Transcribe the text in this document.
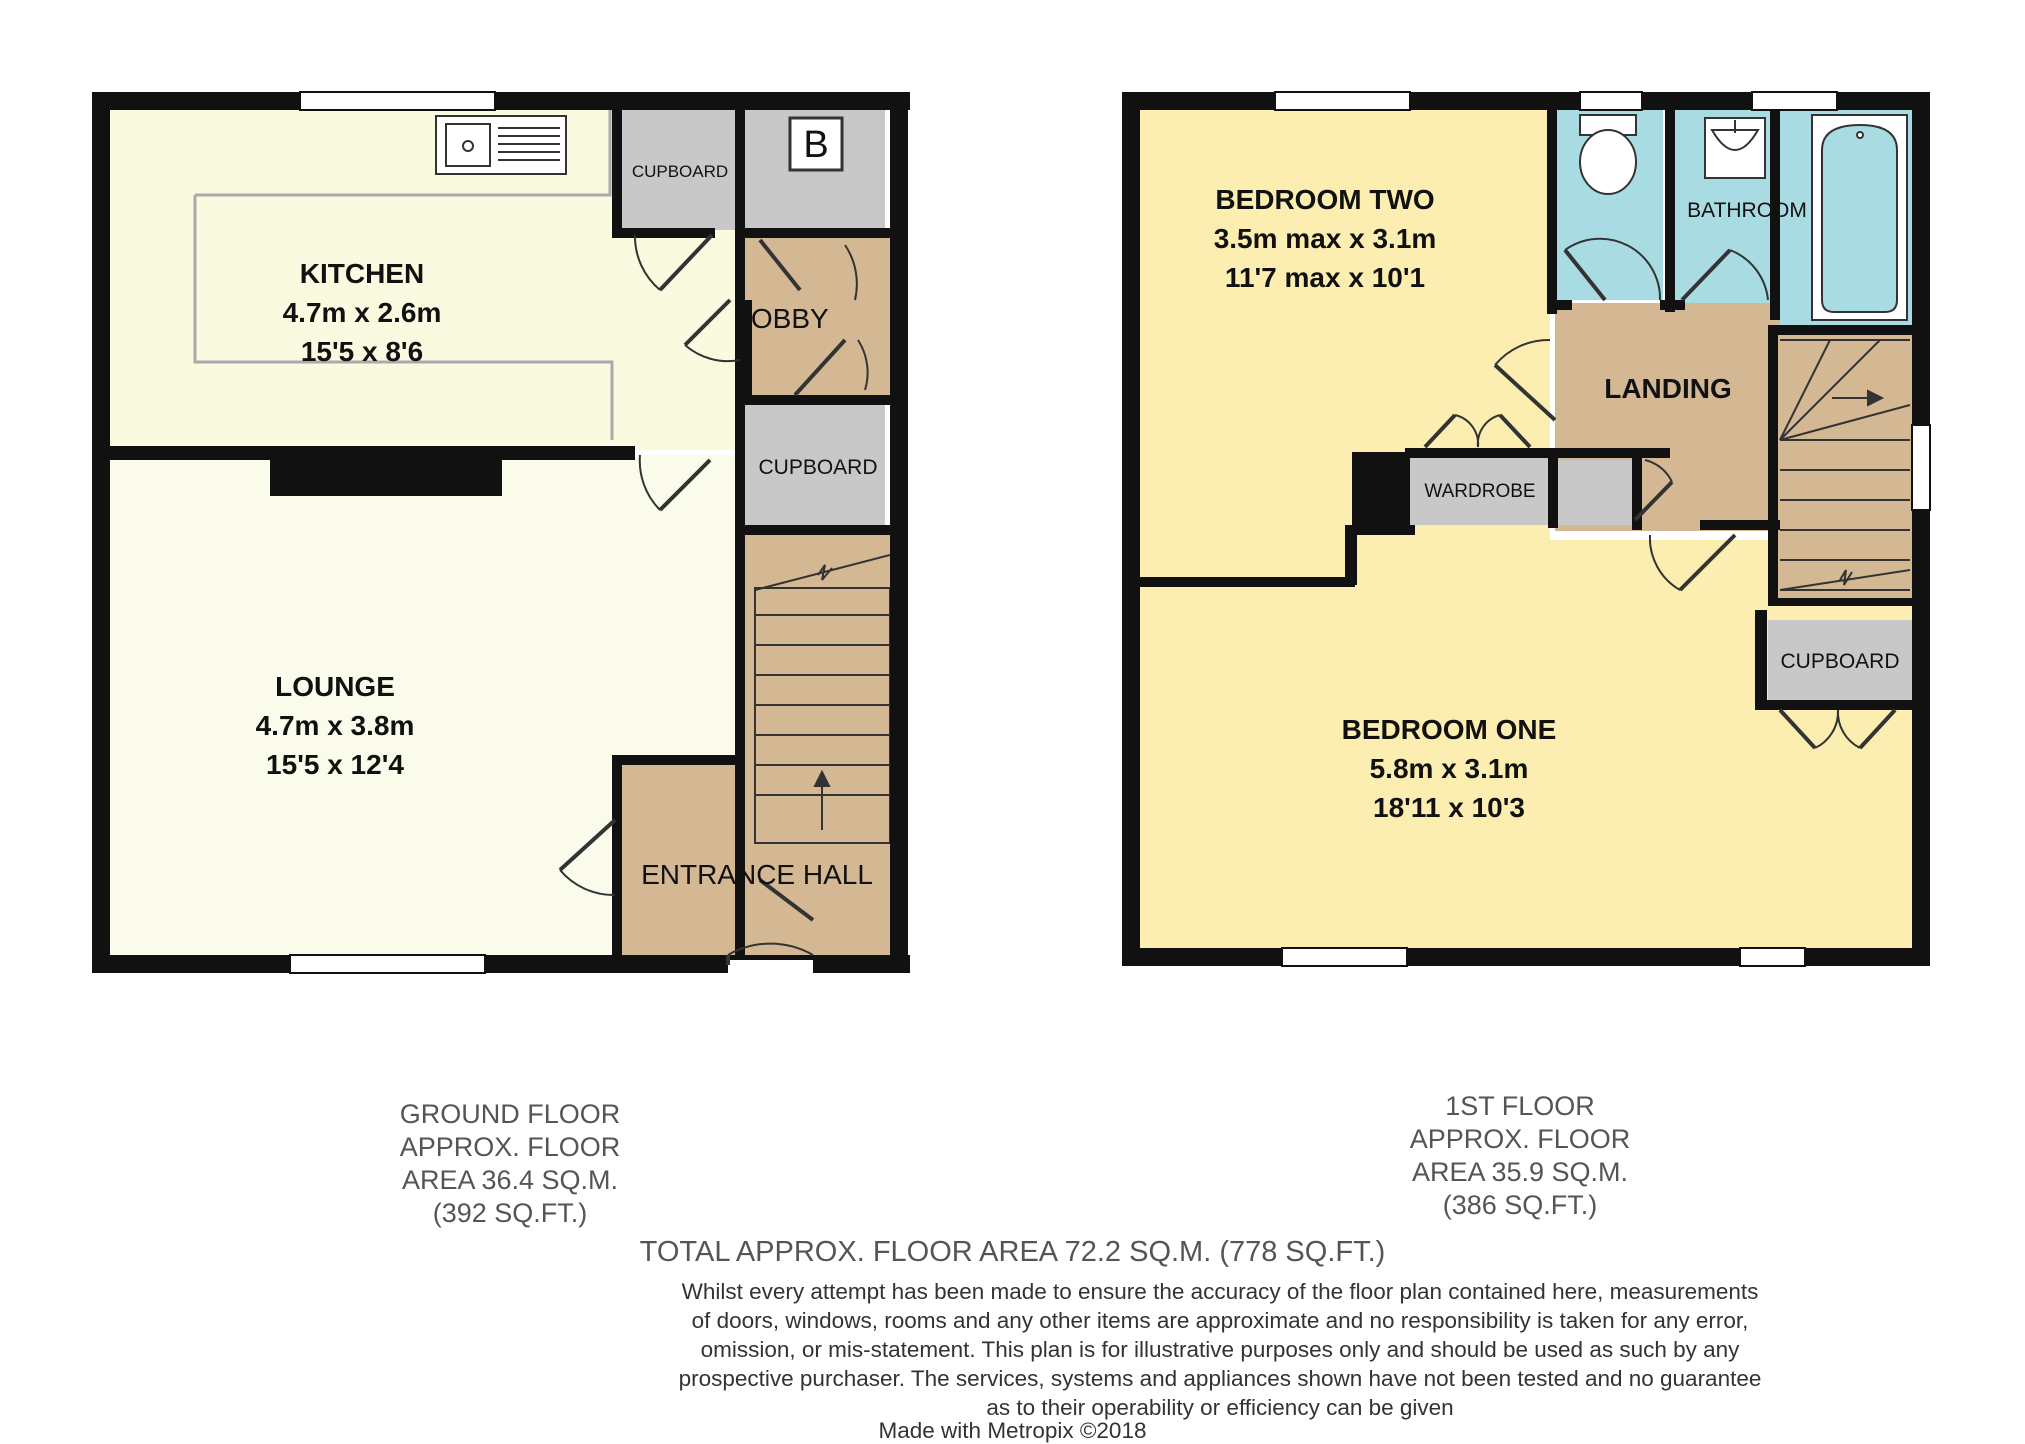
KITCHEN
4.7m x 2.6m
15'5 x 8'6
LOUNGE
4.7m x 3.8m
15'5 x 12'4
LOBBY
ENTRANCE HALL
CUPBOARD
CUPBOARD
B
BEDROOM TWO
3.5m max x 3.1m
11'7 max x 10'1
BEDROOM ONE
5.8m x 3.1m
18'11 x 10'3
LANDING
BATHROOM
WARDROBE
CUPBOARD
GROUND FLOOR
APPROX. FLOOR
AREA 36.4 SQ.M.
(392 SQ.FT.)
1ST FLOOR
APPROX. FLOOR
AREA 35.9 SQ.M.
(386 SQ.FT.)
TOTAL APPROX. FLOOR AREA 72.2 SQ.M. (778 SQ.FT.)
Whilst every attempt has been made to ensure the accuracy of the floor plan contained here, measurements
of doors, windows, rooms and any other items are approximate and no responsibility is taken for any error,
omission, or mis-statement. This plan is for illustrative purposes only and should be used as such by any
prospective purchaser. The services, systems and appliances shown have not been tested and no guarantee
as to their operability or efficiency can be given
Made with Metropix ©2018
